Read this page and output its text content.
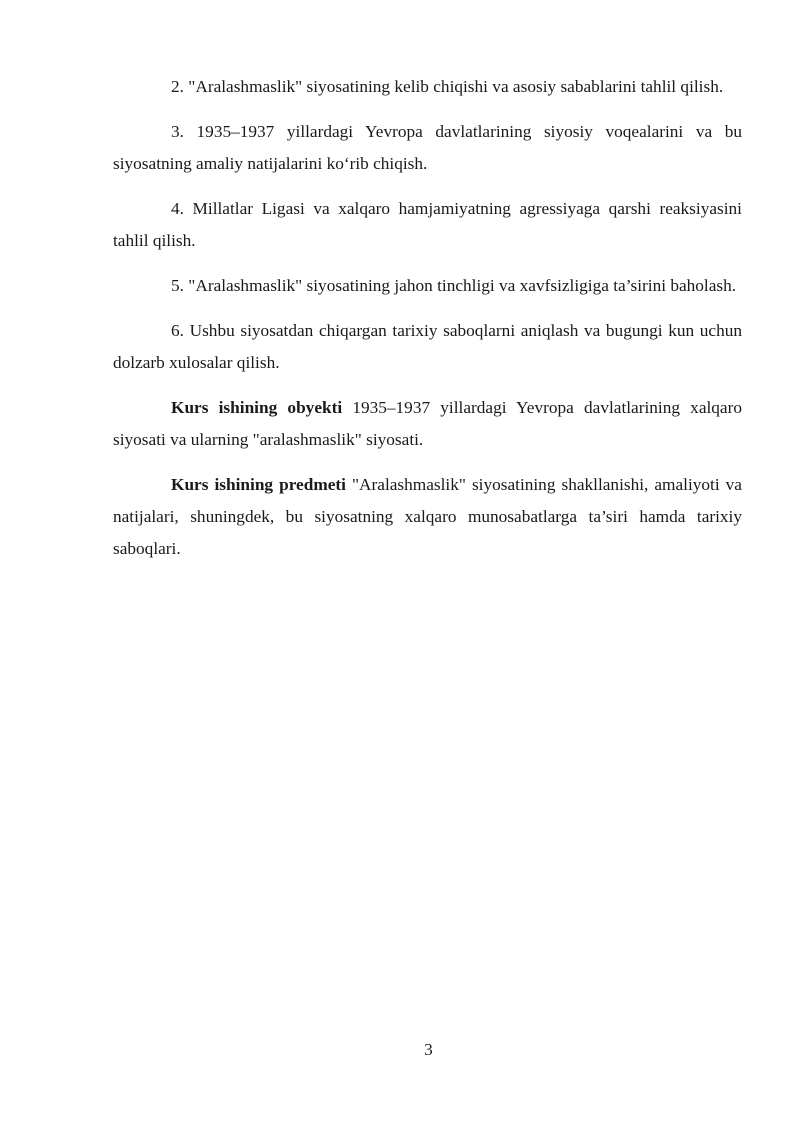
2. "Aralashmaslik" siyosatining kelib chiqishi va asosiy sabablarini tahlil qilish.

3. 1935–1937 yillardagi Yevropa davlatlarining siyosiy voqealarini va bu siyosatning amaliy natijalarini koʻrib chiqish.

4. Millatlar Ligasi va xalqaro hamjamiyatning agressiyaga qarshi reaksiyasini tahlil qilish.

5. "Aralashmaslik" siyosatining jahon tinchligi va xavfsizligiga ta’sirini baholash.

6. Ushbu siyosatdan chiqargan tarixiy saboqlarni aniqlash va bugungi kun uchun dolzarb xulosalar qilish.

Kurs ishining obyekti 1935–1937 yillardagi Yevropa davlatlarining xalqaro siyosati va ularning "aralashmaslik" siyosati.

Kurs ishining predmeti "Aralashmaslik" siyosatining shakllanishi, amaliyoti va natijalari, shuningdek, bu siyosatning xalqaro munosabatlarga ta’siri hamda tarixiy saboqlari.

3
